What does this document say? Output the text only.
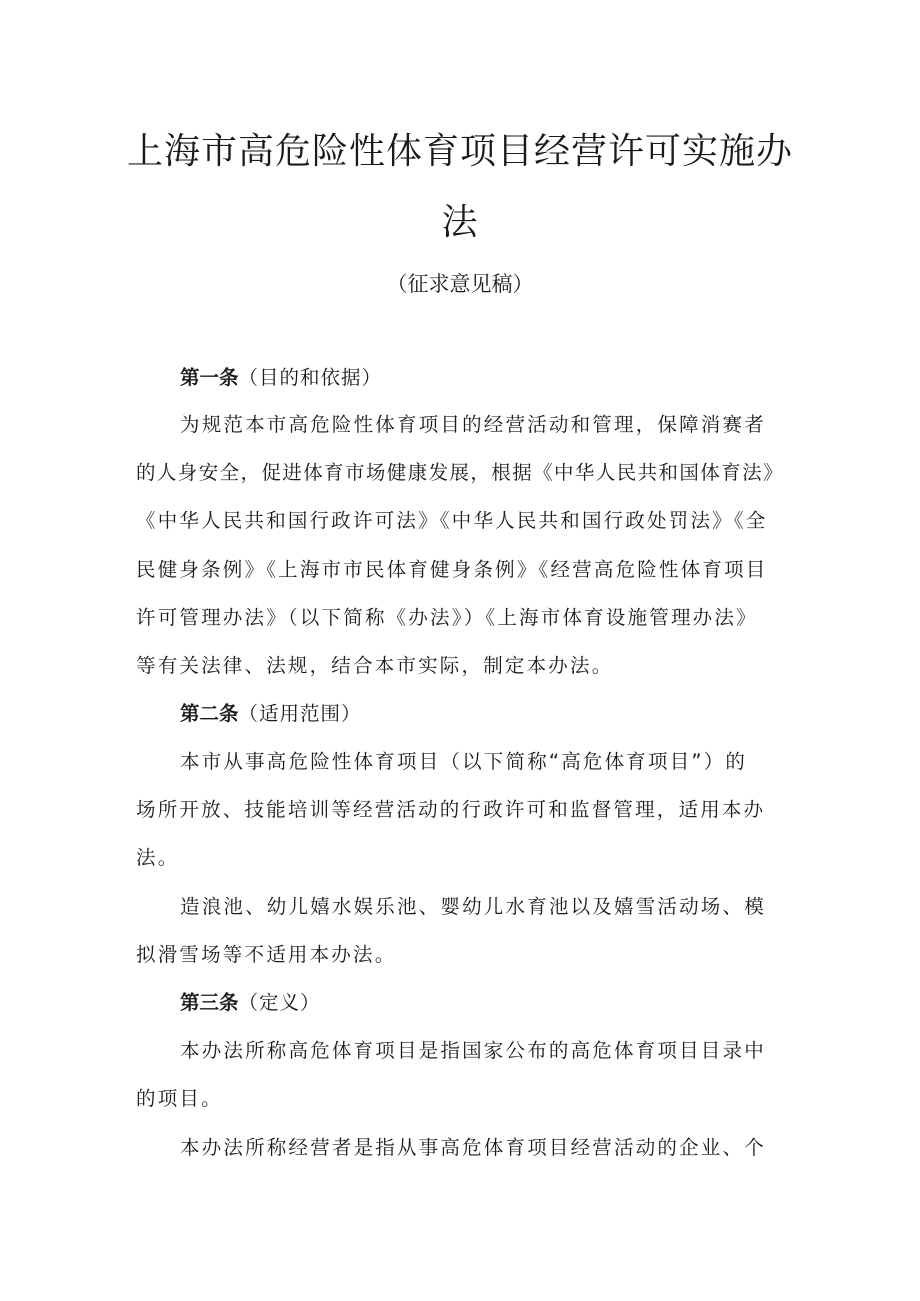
上海市高危险性体育项目经营许可实施办
法
（征求意见稿）
第一条（目的和依据）
为规范本市高危险性体育项目的经营活动和管理，保障消赛者
的人身安全，促进体育市场健康发展，根据《中华人民共和国体育法》
《中华人民共和国行政许可法》《中华人民共和国行政处罚法》《全
民健身条例》《上海市市民体育健身条例》《经营高危险性体育项目
许可管理办法》（以下简称《办法》）《上海市体育设施管理办法》
等有关法律、法规，结合本市实际，制定本办法。
第二条（适用范围）
本市从事高危险性体育项目（以下简称“高危体育项目”）的
场所开放、技能培训等经营活动的行政许可和监督管理，适用本办
法。
造浪池、幼儿嬉水娱乐池、婴幼儿水育池以及嬉雪活动场、模
拟滑雪场等不适用本办法。
第三条（定义）
本办法所称高危体育项目是指国家公布的高危体育项目目录中
的项目。
本办法所称经营者是指从事高危体育项目经营活动的企业、个
